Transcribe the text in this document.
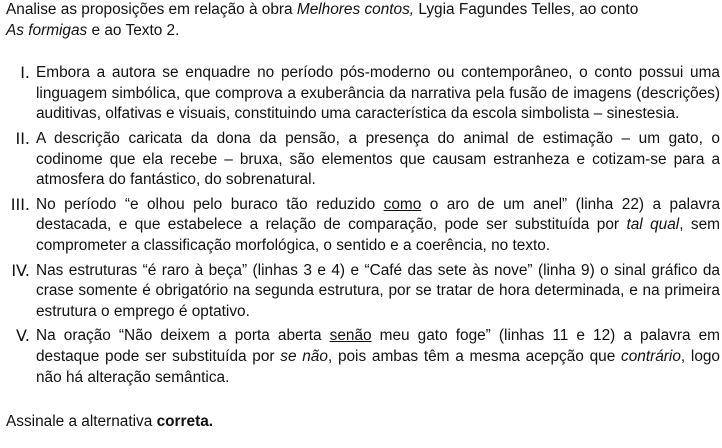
Analise as proposições em relação à obra Melhores contos, Lygia Fagundes Telles, ao conto
As formigas e ao Texto 2.

I. Embora a autora se enquadre no período pós-moderno ou contemporâneo, o conto possui uma linguagem simbólica, que comprova a exuberância da narrativa pela fusão de imagens (descrições) auditivas, olfativas e visuais, constituindo uma característica da escola simbolista – sinestesia.
II. A descrição caricata da dona da pensão, a presença do animal de estimação – um gato, o codinome que ela recebe – bruxa, são elementos que causam estranheza e cotizam-se para a atmosfera do fantástico, do sobrenatural.
III. No período “e olhou pelo buraco tão reduzido como o aro de um anel” (linha 22) a palavra destacada, e que estabelece a relação de comparação, pode ser substituída por tal qual, sem comprometer a classificação morfológica, o sentido e a coerência, no texto.
IV. Nas estruturas “é raro à beça” (linhas 3 e 4) e “Café das sete às nove” (linha 9) o sinal gráfico da crase somente é obrigatório na segunda estrutura, por se tratar de hora determinada, e na primeira estrutura o emprego é optativo.
V. Na oração “Não deixem a porta aberta senão meu gato foge” (linhas 11 e 12) a palavra em destaque pode ser substituída por se não, pois ambas têm a mesma acepção que contrário, logo não há alteração semântica.

Assinale a alternativa correta.
